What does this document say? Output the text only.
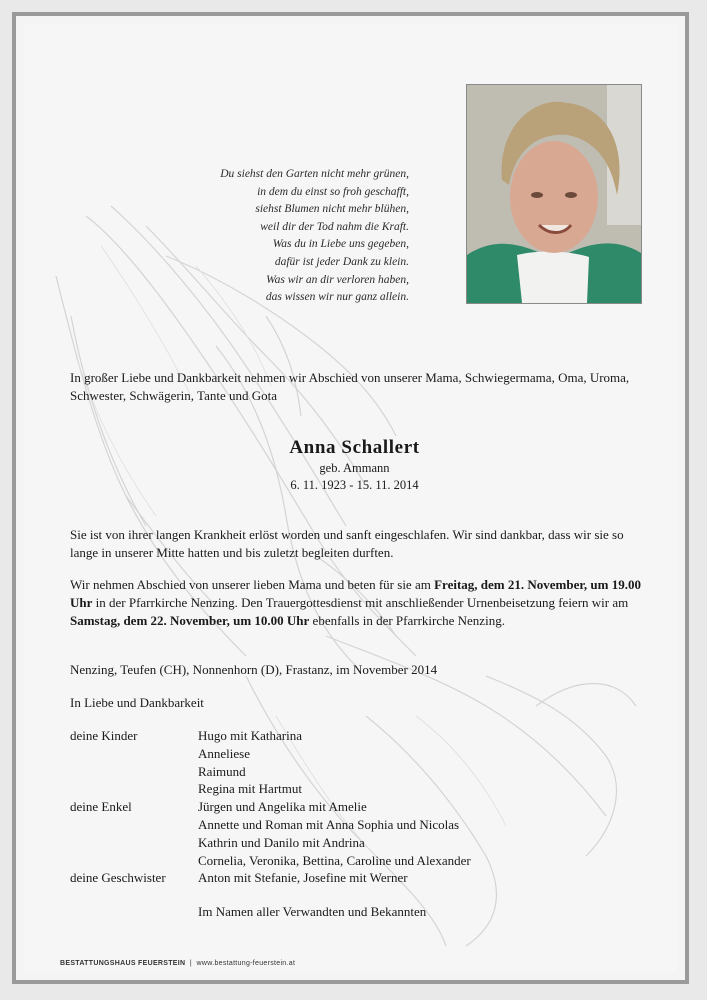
Du siehst den Garten nicht mehr grünen,
in dem du einst so froh geschafft,
siehst Blumen nicht mehr blühen,
weil dir der Tod nahm die Kraft.
Was du in Liebe uns gegeben,
dafür ist jeder Dank zu klein.
Was wir an dir verloren haben,
das wissen wir nur ganz allein.
In großer Liebe und Dankbarkeit nehmen wir Abschied von unserer Mama, Schwiegermama, Oma, Uroma, Schwester, Schwägerin, Tante und Gota
Anna Schallert
geb. Ammann
6. 11. 1923 - 15. 11. 2014
Sie ist von ihrer langen Krankheit erlöst worden und sanft eingeschlafen. Wir sind dankbar, dass wir sie so lange in unserer Mitte hatten und bis zuletzt begleiten durften.
Wir nehmen Abschied von unserer lieben Mama und beten für sie am Freitag, dem 21. November, um 19.00 Uhr in der Pfarrkirche Nenzing. Den Trauergottesdienst mit anschließender Urnenbeisetzung feiern wir am Samstag, dem 22. November, um 10.00 Uhr ebenfalls in der Pfarrkirche Nenzing.
Nenzing, Teufen (CH), Nonnenhorn (D), Frastanz, im November 2014
In Liebe und Dankbarkeit
deine Kinder	Hugo mit Katharina
Anneliese
Raimund
Regina mit Hartmut
deine Enkel	Jürgen und Angelika mit Amelie
Annette und Roman mit Anna Sophia und Nicolas
Kathrin und Danilo mit Andrina
Cornelia, Veronika, Bettina, Caroline und Alexander
deine Geschwister	Anton mit Stefanie, Josefine mit Werner
Im Namen aller Verwandten und Bekannten
BESTATTUNGSHAUS FEUERSTEIN | www.bestattung-feuerstein.at
